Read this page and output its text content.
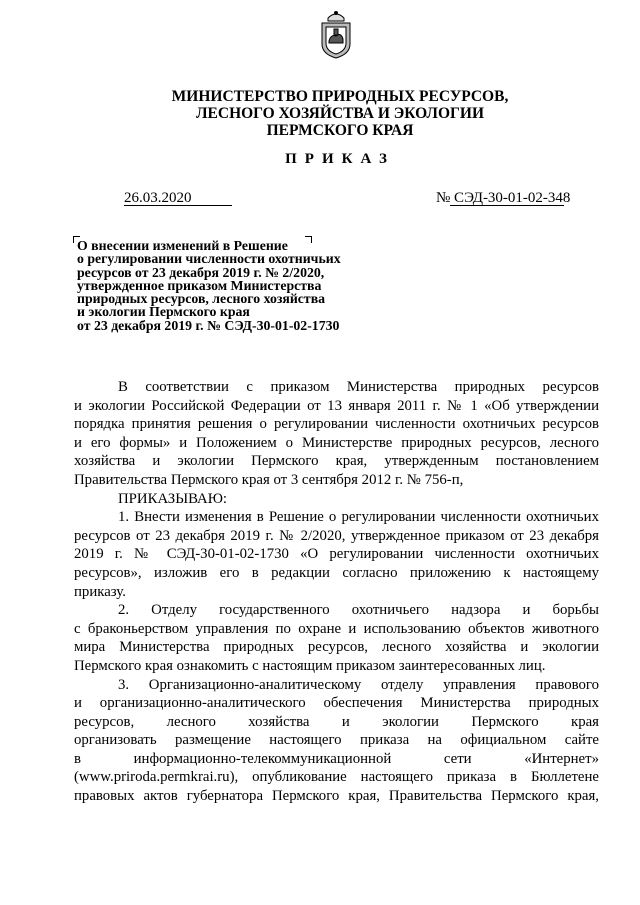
МИНИСТЕРСТВО ПРИРОДНЫХ РЕСУРСОВ,
ЛЕСНОГО ХОЗЯЙСТВА И ЭКОЛОГИИ
ПЕРМСКОГО КРАЯ
ПРИКАЗ
26.03.2020	№ СЭД-30-01-02-348
О внесении изменений в Решение
о регулировании численности охотничьих
ресурсов от 23 декабря 2019 г. № 2/2020,
утвержденное приказом Министерства
природных ресурсов, лесного хозяйства
и экологии Пермского края
от 23 декабря 2019 г. № СЭД-30-01-02-1730
В соответствии с приказом Министерства природных ресурсов
и экологии Российской Федерации от 13 января 2011 г. № 1 «Об утверждении
порядка принятия решения о регулировании численности охотничьих ресурсов
и его формы» и Положением о Министерстве природных ресурсов, лесного
хозяйства и экологии Пермского края, утвержденным постановлением
Правительства Пермского края от 3 сентября 2012 г. № 756-п,
ПРИКАЗЫВАЮ:
1. Внести изменения в Решение о регулировании численности охотничьих
ресурсов от 23 декабря 2019 г. № 2/2020, утвержденное приказом от 23 декабря
2019 г. № СЭД-30-01-02-1730 «О регулировании численности охотничьих
ресурсов», изложив его в редакции согласно приложению к настоящему
приказу.
2. Отделу государственного охотничьего надзора и борьбы
с браконьерством управления по охране и использованию объектов животного
мира Министерства природных ресурсов, лесного хозяйства и экологии
Пермского края ознакомить с настоящим приказом заинтересованных лиц.
3. Организационно-аналитическому отделу управления правового
и организационно-аналитического обеспечения Министерства природных
ресурсов, лесного хозяйства и экологии Пермского края
организовать размещение настоящего приказа на официальном сайте
в информационно-телекоммуникационной сети «Интернет»
(www.priroda.permkrai.ru), опубликование настоящего приказа в Бюллетене
правовых актов губернатора Пермского края, Правительства Пермского края,
